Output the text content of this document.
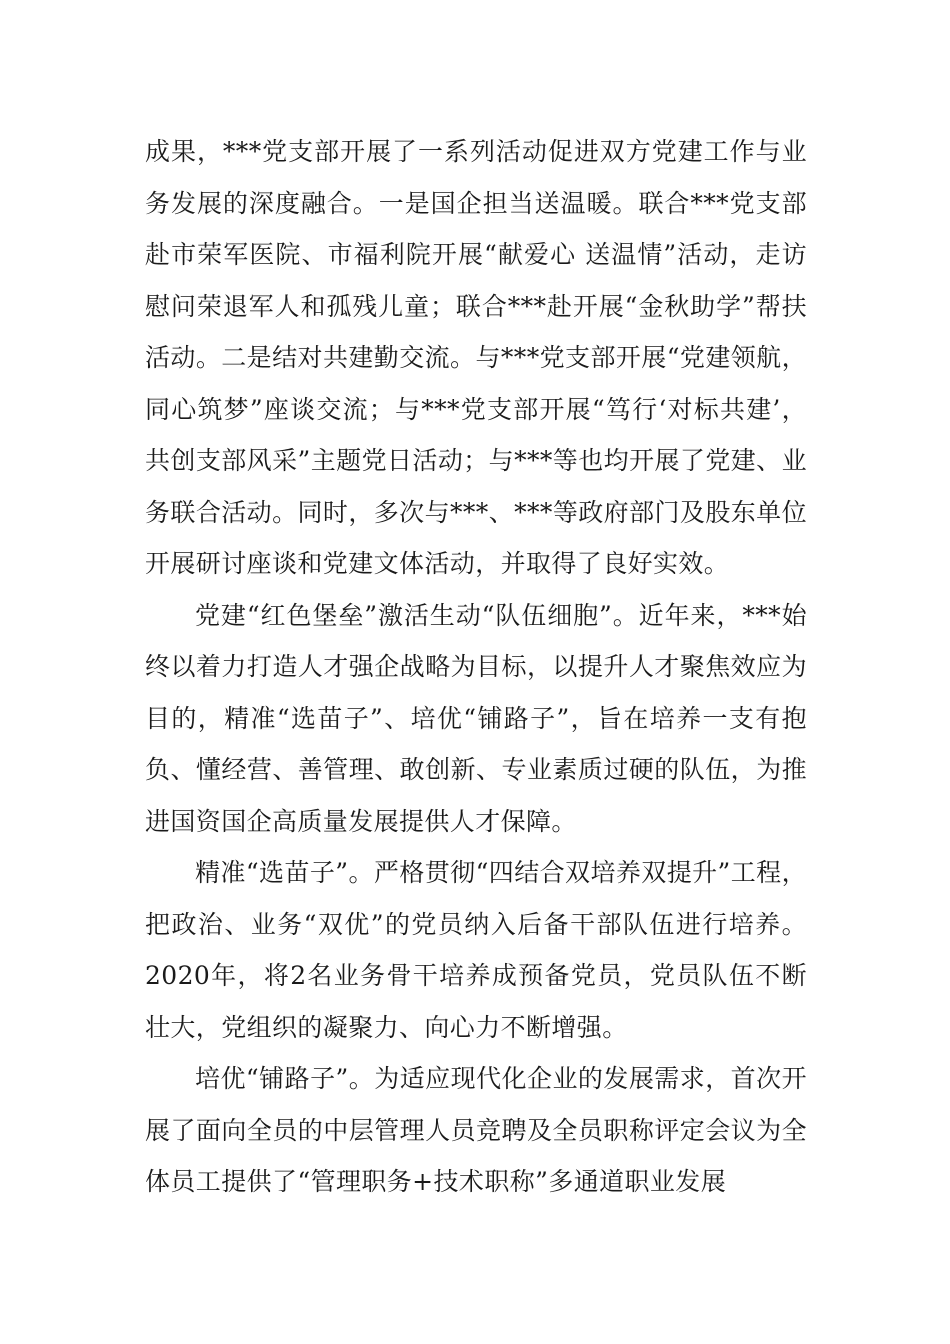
成果，***党支部开展了一系列活动促进双方党建工作与业务发展的深度融合。一是国企担当送温暖。联合***党支部赴市荣军医院、市福利院开展“献爱心 送温情”活动，走访慰问荣退军人和孤残儿童；联合***赴开展“金秋助学”帮扶活动。二是结对共建勤交流。与***党支部开展“党建领航，同心筑梦”座谈交流；与***党支部开展“笃行‘对标共建’，共创支部风采”主题党日活动；与***等也均开展了党建、业务联合活动。同时，多次与***、***等政府部门及股东单位开展研讨座谈和党建文体活动，并取得了良好实效。

党建“红色堡垒”激活生动“队伍细胞”。近年来，***始终以着力打造人才强企战略为目标，以提升人才聚焦效应为目的，精准“选苗子”、培优“铺路子”，旨在培养一支有抱负、懂经营、善管理、敢创新、专业素质过硬的队伍，为推进国资国企高质量发展提供人才保障。

精准“选苗子”。严格贯彻“四结合双培养双提升”工程，把政治、业务“双优”的党员纳入后备干部队伍进行培养。2020年，将2名业务骨干培养成预备党员，党员队伍不断壮大，党组织的凝聚力、向心力不断增强。

培优“铺路子”。为适应现代化企业的发展需求，首次开展了面向全员的中层管理人员竞聘及全员职称评定会议为全体员工提供了“管理职务+技术职称”多通道职业发展
